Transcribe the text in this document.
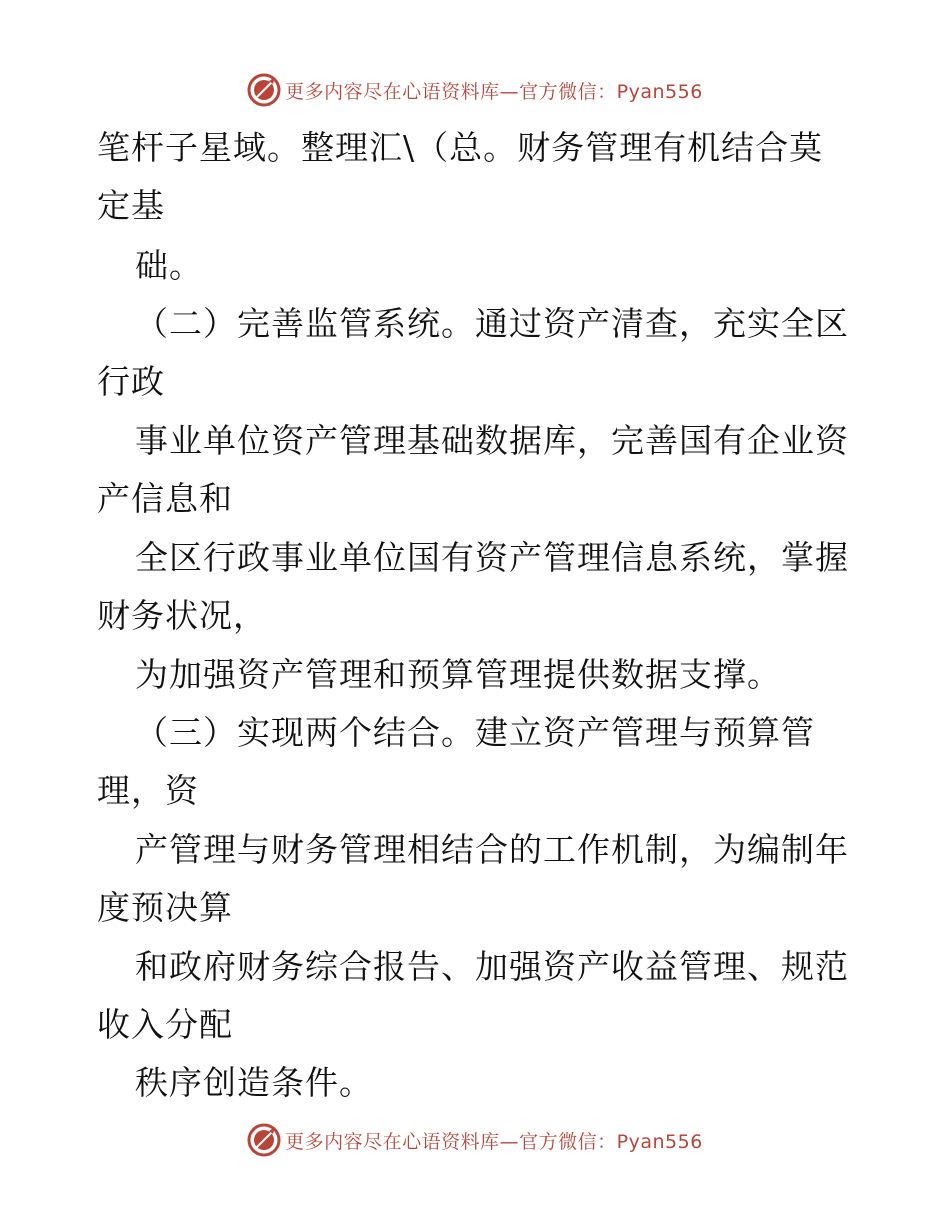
更多内容尽在心语资料库—官方微信：Pyan556
笔杆子星域。整理汇\（总。财务管理有机结合莫
定基
础。
（二）完善监管系统。通过资产清查，充实全区
行政
事业单位资产管理基础数据库，完善国有企业资
产信息和
全区行政事业单位国有资产管理信息系统，掌握
财务状况，
为加强资产管理和预算管理提供数据支撑。
（三）实现两个结合。建立资产管理与预算管
理，资
产管理与财务管理相结合的工作机制，为编制年
度预决算
和政府财务综合报告、加强资产收益管理、规范
收入分配
秩序创造条件。
更多内容尽在心语资料库—官方微信：Pyan556
